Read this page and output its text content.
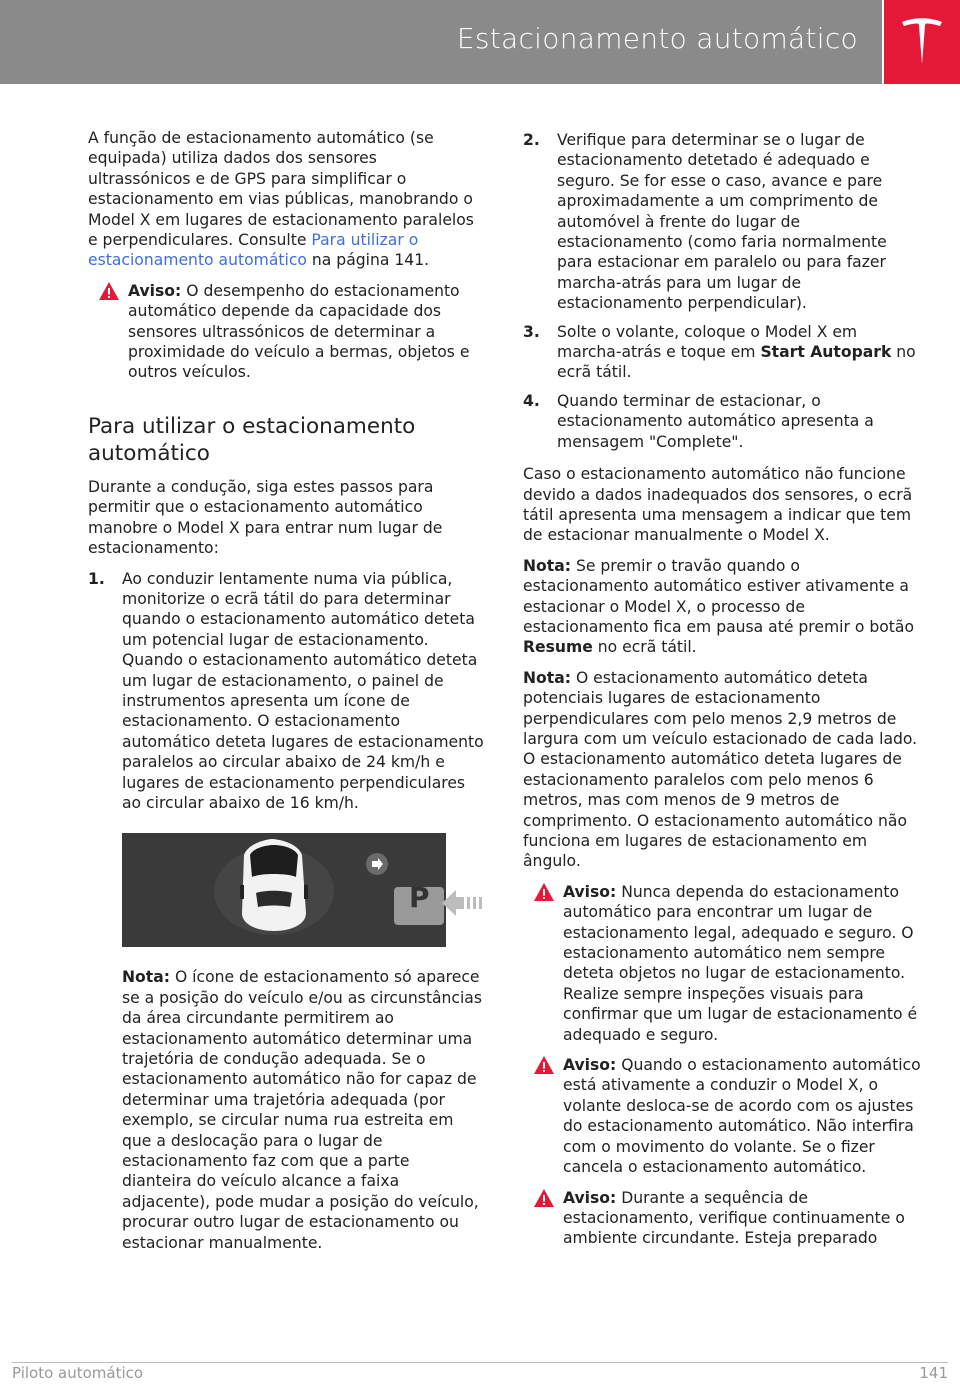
Estacionamento automático

A função de estacionamento automático (se equipada) utiliza dados dos sensores ultrassónicos e de GPS para simplificar o estacionamento em vias públicas, manobrando o Model X em lugares de estacionamento paralelos e perpendiculares. Consulte Para utilizar o estacionamento automático na página 141.

Aviso: O desempenho do estacionamento automático depende da capacidade dos sensores ultrassónicos de determinar a proximidade do veículo a bermas, objetos e outros veículos.
Para utilizar o estacionamento automático

Durante a condução, siga estes passos para permitir que o estacionamento automático manobre o Model X para entrar num lugar de estacionamento:

1. Ao conduzir lentamente numa via pública, monitorize o ecrã tátil do para determinar quando o estacionamento automático deteta um potencial lugar de estacionamento. Quando o estacionamento automático deteta um lugar de estacionamento, o painel de instrumentos apresenta um ícone de estacionamento. O estacionamento automático deteta lugares de estacionamento paralelos ao circular abaixo de 24 km/h e lugares de estacionamento perpendiculares ao circular abaixo de 16 km/h.
P
Nota: O ícone de estacionamento só aparece se a posição do veículo e/ou as circunstâncias da área circundante permitirem ao estacionamento automático determinar uma trajetória de condução adequada. Se o estacionamento automático não for capaz de determinar uma trajetória adequada (por exemplo, se circular numa rua estreita em que a deslocação para o lugar de estacionamento faz com que a parte dianteira do veículo alcance a faixa adjacente), pode mudar a posição do veículo, procurar outro lugar de estacionamento ou estacionar manualmente.
2. Verifique para determinar se o lugar de estacionamento detetado é adequado e seguro. Se for esse o caso, avance e pare aproximadamente a um comprimento de automóvel à frente do lugar de estacionamento (como faria normalmente para estacionar em paralelo ou para fazer marcha-atrás para um lugar de estacionamento perpendicular).
3. Solte o volante, coloque o Model X em marcha-atrás e toque em Start Autopark no ecrã tátil.
4. Quando terminar de estacionar, o estacionamento automático apresenta a mensagem "Complete".

Caso o estacionamento automático não funcione devido a dados inadequados dos sensores, o ecrã tátil apresenta uma mensagem a indicar que tem de estacionar manualmente o Model X.

Nota: Se premir o travão quando o estacionamento automático estiver ativamente a estacionar o Model X, o processo de estacionamento fica em pausa até premir o botão Resume no ecrã tátil.

Nota: O estacionamento automático deteta potenciais lugares de estacionamento perpendiculares com pelo menos 2,9 metros de largura com um veículo estacionado de cada lado. O estacionamento automático deteta lugares de estacionamento paralelos com pelo menos 6 metros, mas com menos de 9 metros de comprimento. O estacionamento automático não funciona em lugares de estacionamento em ângulo.

Aviso: Nunca dependa do estacionamento automático para encontrar um lugar de estacionamento legal, adequado e seguro. O estacionamento automático nem sempre deteta objetos no lugar de estacionamento. Realize sempre inspeções visuais para confirmar que um lugar de estacionamento é adequado e seguro.
Aviso: Quando o estacionamento automático está ativamente a conduzir o Model X, o volante desloca-se de acordo com os ajustes do estacionamento automático. Não interfira com o movimento do volante. Se o fizer cancela o estacionamento automático.
Aviso: Durante a sequência de estacionamento, verifique continuamente o ambiente circundante. Esteja preparado
Piloto automático	141
